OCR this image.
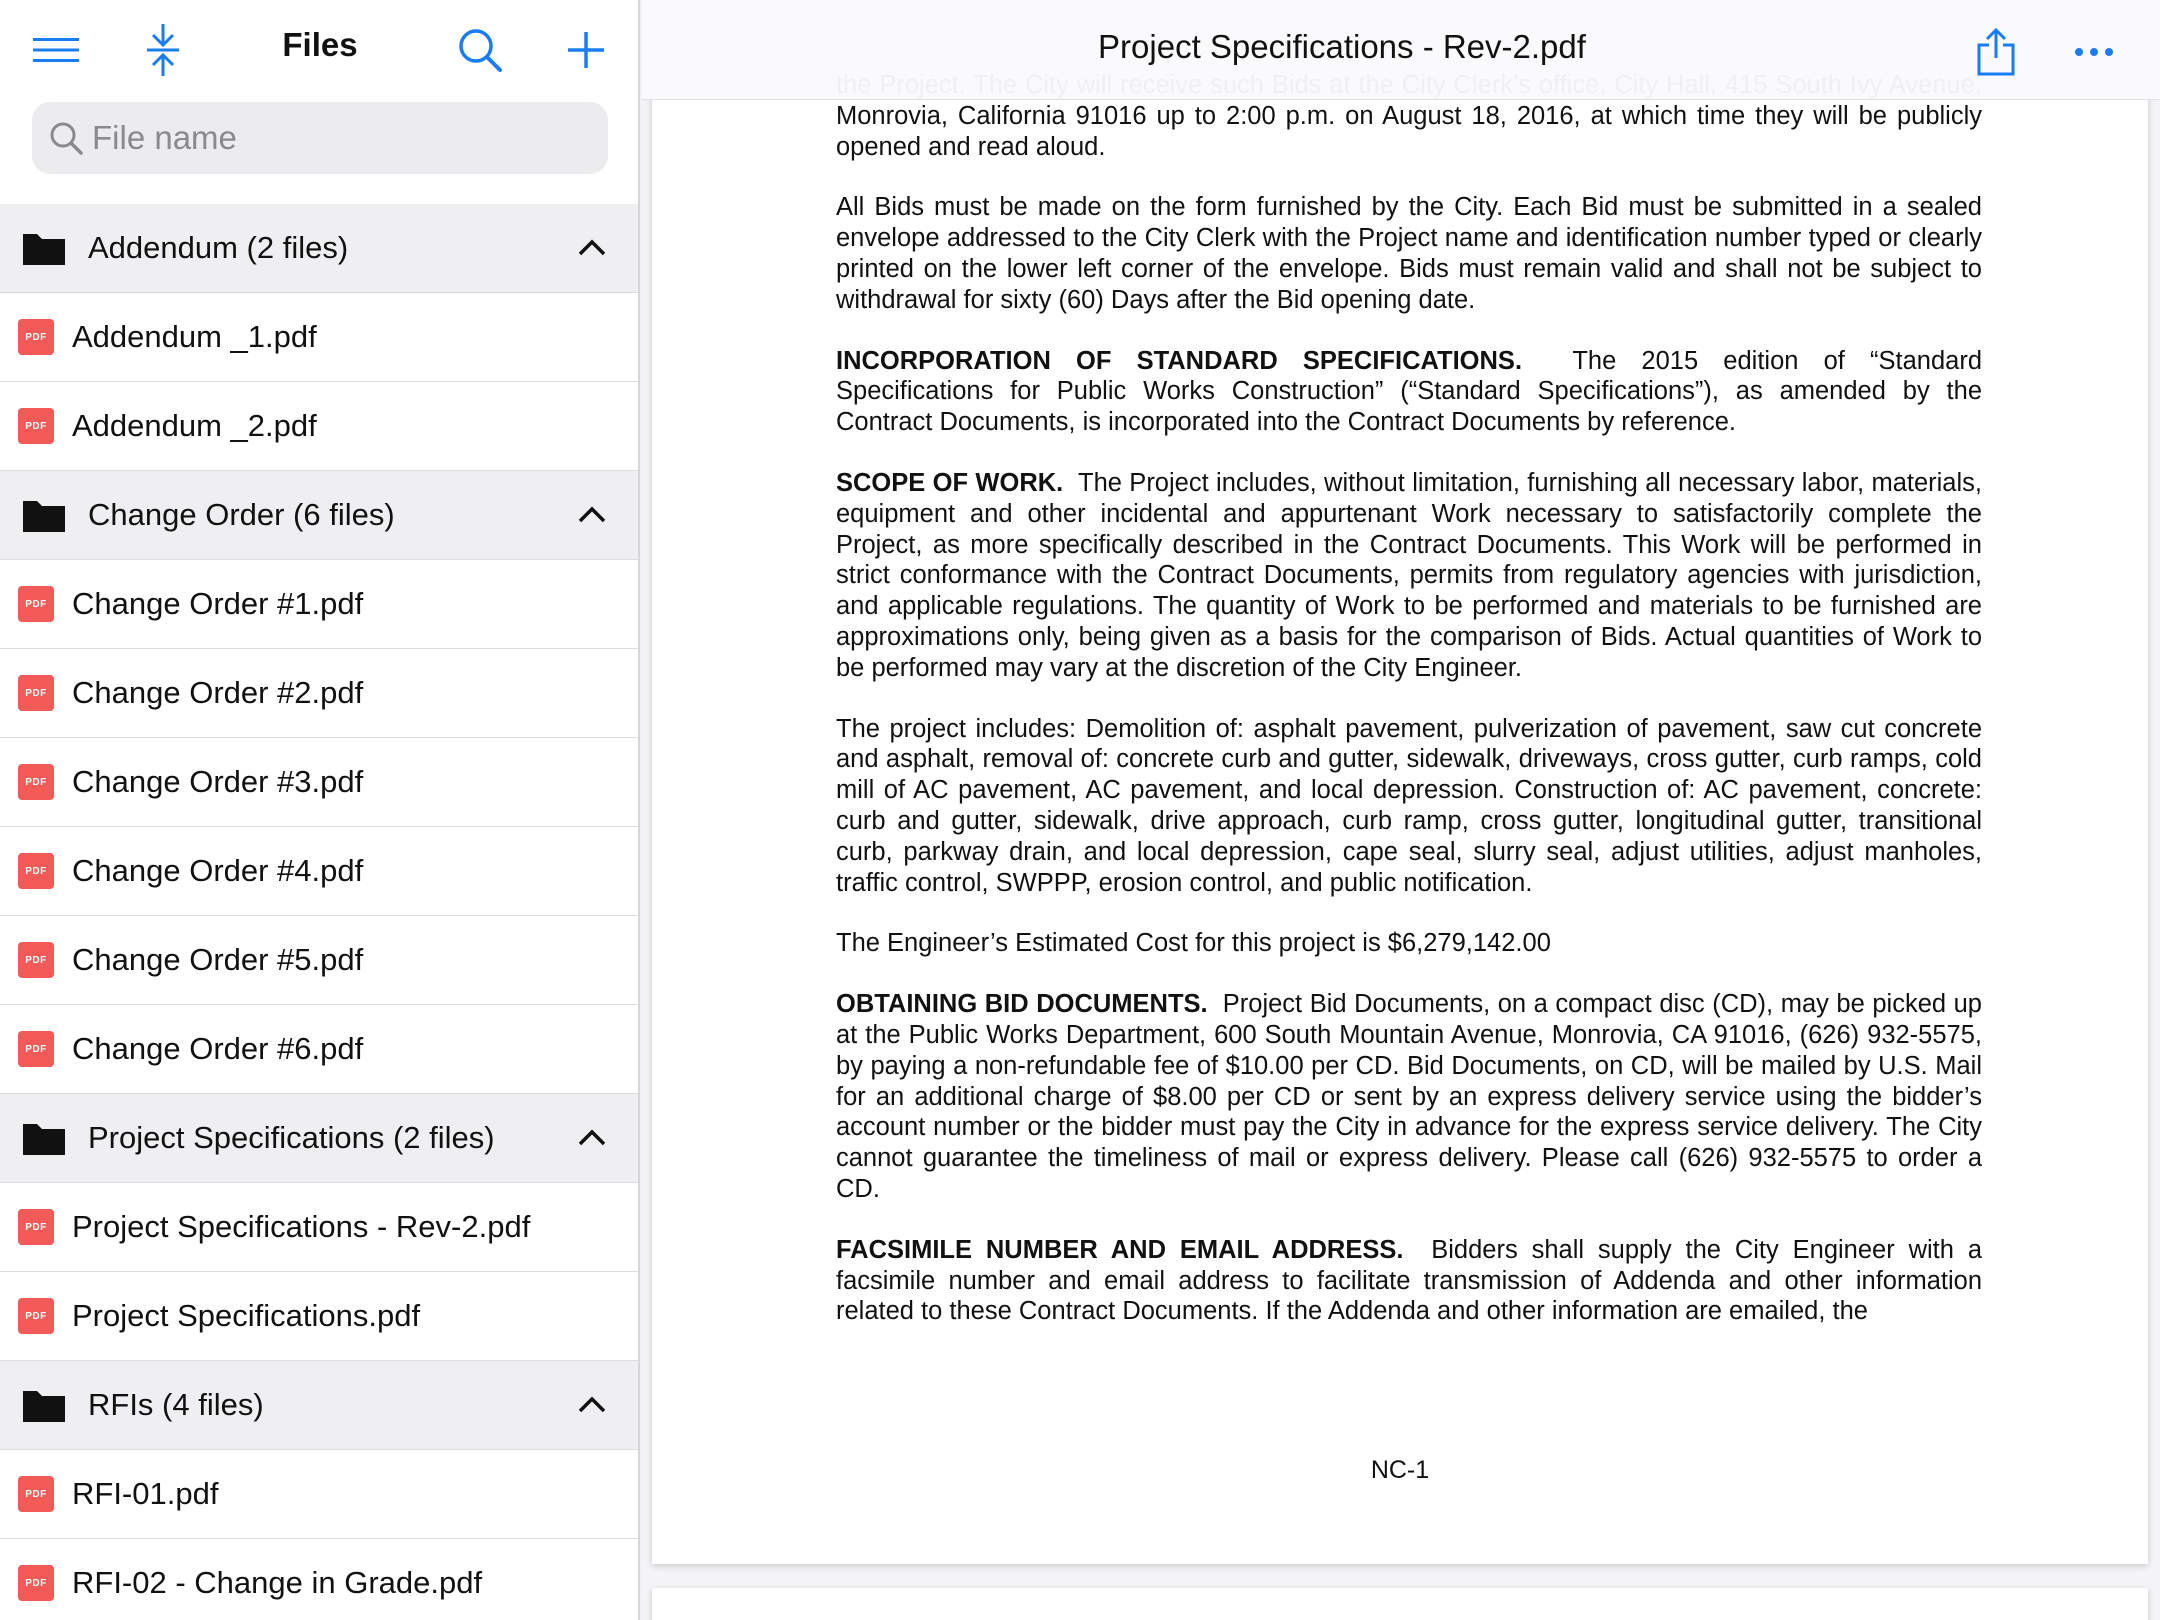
Files
File name
Addendum (2 files)
PDF Addendum _1.pdf
PDF Addendum _2.pdf
Change Order (6 files)
PDF Change Order #1.pdf
PDF Change Order #2.pdf
PDF Change Order #3.pdf
PDF Change Order #4.pdf
PDF Change Order #5.pdf
PDF Change Order #6.pdf
Project Specifications (2 files)
PDF Project Specifications - Rev-2.pdf
PDF Project Specifications.pdf
RFIs (4 files)
PDF RFI-01.pdf
PDF RFI-02 - Change in Grade.pdf

Monrovia, California 91016 up to 2:00 p.m. on August 18, 2016, at which time they will be publicly opened and read aloud.

All Bids must be made on the form furnished by the City. Each Bid must be submitted in a sealed envelope addressed to the City Clerk with the Project name and identification number typed or clearly printed on the lower left corner of the envelope. Bids must remain valid and shall not be subject to withdrawal for sixty (60) Days after the Bid opening date.

INCORPORATION OF STANDARD SPECIFICATIONS. The 2015 edition of “Standard Specifications for Public Works Construction” (“Standard Specifications”), as amended by the Contract Documents, is incorporated into the Contract Documents by reference.

SCOPE OF WORK. The Project includes, without limitation, furnishing all necessary labor, materials, equipment and other incidental and appurtenant Work necessary to satisfactorily complete the Project, as more specifically described in the Contract Documents. This Work will be performed in strict conformance with the Contract Documents, permits from regulatory agencies with jurisdiction, and applicable regulations. The quantity of Work to be performed and materials to be furnished are approximations only, being given as a basis for the comparison of Bids. Actual quantities of Work to be performed may vary at the discretion of the City Engineer.

The project includes: Demolition of: asphalt pavement, pulverization of pavement, saw cut concrete and asphalt, removal of: concrete curb and gutter, sidewalk, driveways, cross gutter, curb ramps, cold mill of AC pavement, AC pavement, and local depression. Construction of: AC pavement, concrete: curb and gutter, sidewalk, drive approach, curb ramp, cross gutter, longitudinal gutter, transitional curb, parkway drain, and local depression, cape seal, slurry seal, adjust utilities, adjust manholes, traffic control, SWPPP, erosion control, and public notification.

The Engineer’s Estimated Cost for this project is $6,279,142.00

OBTAINING BID DOCUMENTS. Project Bid Documents, on a compact disc (CD), may be picked up at the Public Works Department, 600 South Mountain Avenue, Monrovia, CA 91016, (626) 932-5575, by paying a non-refundable fee of $10.00 per CD. Bid Documents, on CD, will be mailed by U.S. Mail for an additional charge of $8.00 per CD or sent by an express delivery service using the bidder’s account number or the bidder must pay the City in advance for the express service delivery. The City cannot guarantee the timeliness of mail or express delivery. Please call (626) 932-5575 to order a CD.

FACSIMILE NUMBER AND EMAIL ADDRESS. Bidders shall supply the City Engineer with a facsimile number and email address to facilitate transmission of Addenda and other information related to these Contract Documents. If the Addenda and other information are emailed, the

NC-1
Project Specifications - Rev-2.pdf
